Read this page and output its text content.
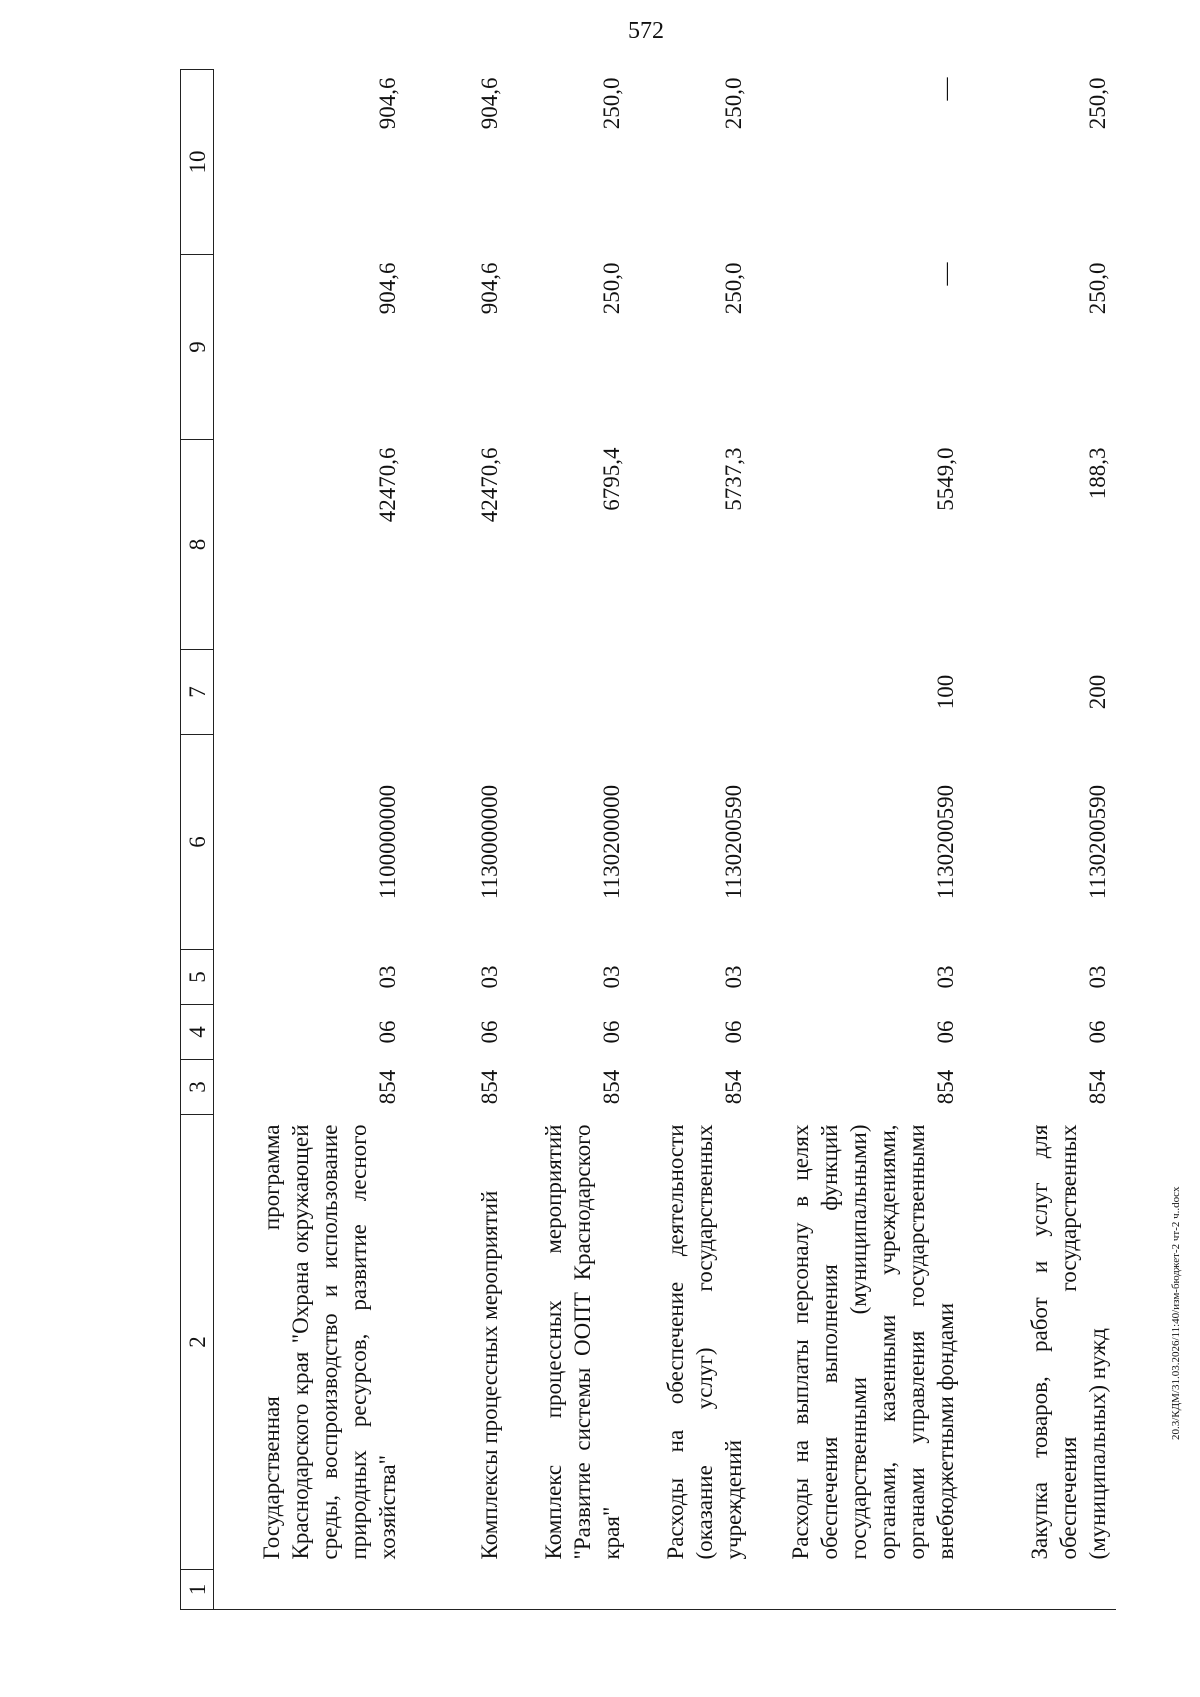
572
1	2	3	4	5	6	7	8	9	10
	Государственная программа Краснодарского края "Охрана окружающей среды, воспроизводство и использование природных ресурсов, развитие лесного хозяйства"	854	06	03	1100000000		42470,6	904,6	904,6
	Комплексы процессных мероприятий	854	06	03	1130000000		42470,6	904,6	904,6
	Комплекс процессных мероприятий "Развитие системы ООПТ Краснодарского края"	854	06	03	1130200000		6795,4	250,0	250,0
	Расходы на обеспечение деятельности (оказание услуг) государственных учреждений	854	06	03	1130200590		5737,3	250,0	250,0
	Расходы на выплаты персоналу в целях обеспечения выполнения функций государственными (муниципальными) органами, казенными учреждениями, органами управления государственными внебюджетными фондами	854	06	03	1130200590	100	5549,0	—	—
	Закупка товаров, работ и услуг для обеспечения государственных (муниципальных) нужд	854	06	03	1130200590	200	188,3	250,0	250,0
20.3/КДМ/31.03.2026/11:40/изм-бюджет-2 чт-2 ч..docx
